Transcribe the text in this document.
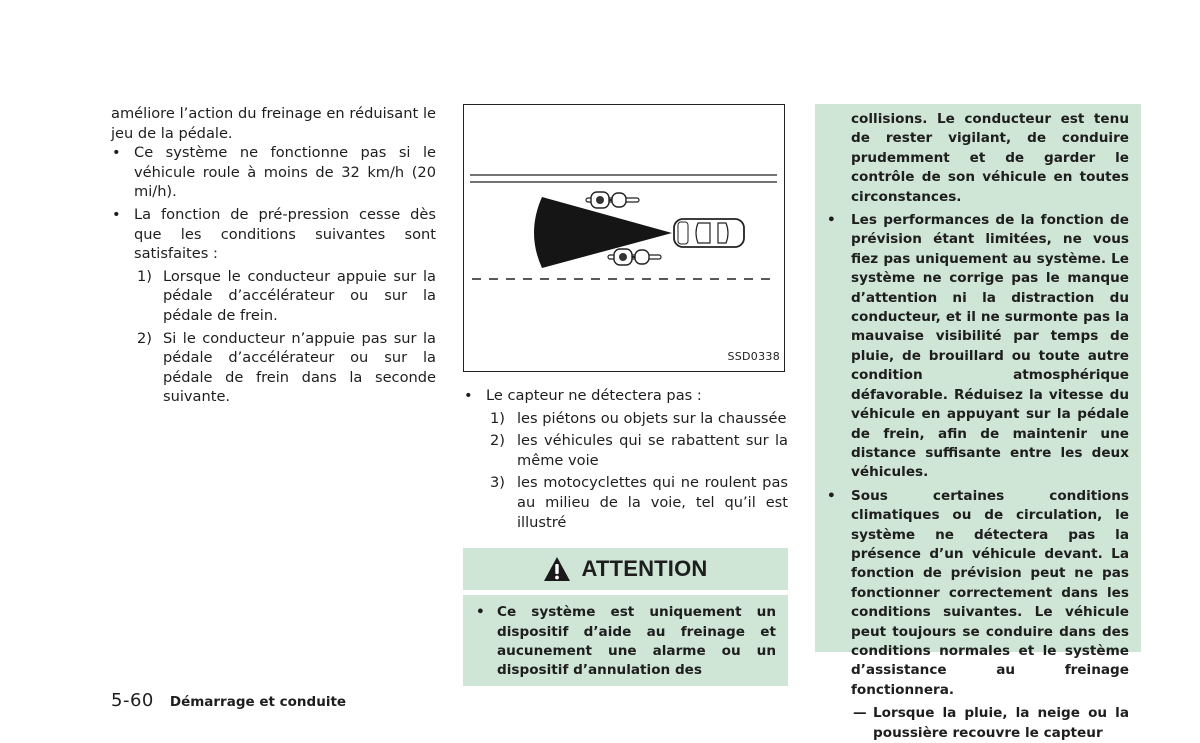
améliore l’action du freinage en réduisant le jeu de la pédale.

• Ce système ne fonctionne pas si le véhicule roule à moins de 32 km/h (20 mi/h).
• La fonction de pré-pression cesse dès que les conditions suivantes sont satisfaites :
1) Lorsque le conducteur appuie sur la pédale d’accélérateur ou sur la pédale de frein.
2) Si le conducteur n’appuie pas sur la pédale d’accélérateur ou sur la pédale de frein dans la seconde suivante.
SSD0338
• Le capteur ne détectera pas :
1) les piétons ou objets sur la chaussée
2) les véhicules qui se rabattent sur la même voie
3) les motocyclettes qui ne roulent pas au milieu de la voie, tel qu’il est illustré
ATTENTION
• Ce système est uniquement un dispositif d’aide au freinage et aucunement une alarme ou un dispositif d’annulation des

collisions. Le conducteur est tenu de rester vigilant, de conduire prudemment et de garder le contrôle de son véhicule en toutes circonstances.

• Les performances de la fonction de prévision étant limitées, ne vous fiez pas uniquement au système. Le système ne corrige pas le manque d’attention ni la distraction du conducteur, et il ne surmonte pas la mauvaise visibilité par temps de pluie, de brouillard ou toute autre condition atmosphérique défavorable. Réduisez la vitesse du véhicule en appuyant sur la pédale de frein, afin de maintenir une distance suffisante entre les deux véhicules.
• Sous certaines conditions climatiques ou de circulation, le système ne détectera pas la présence d’un véhicule devant. La fonction de prévision peut ne pas fonctionner correctement dans les conditions suivantes. Le véhicule peut toujours se conduire dans des conditions normales et le système d’assistance au freinage fonctionnera.
— Lorsque la pluie, la neige ou la poussière recouvre le capteur
5-60 Démarrage et conduite
